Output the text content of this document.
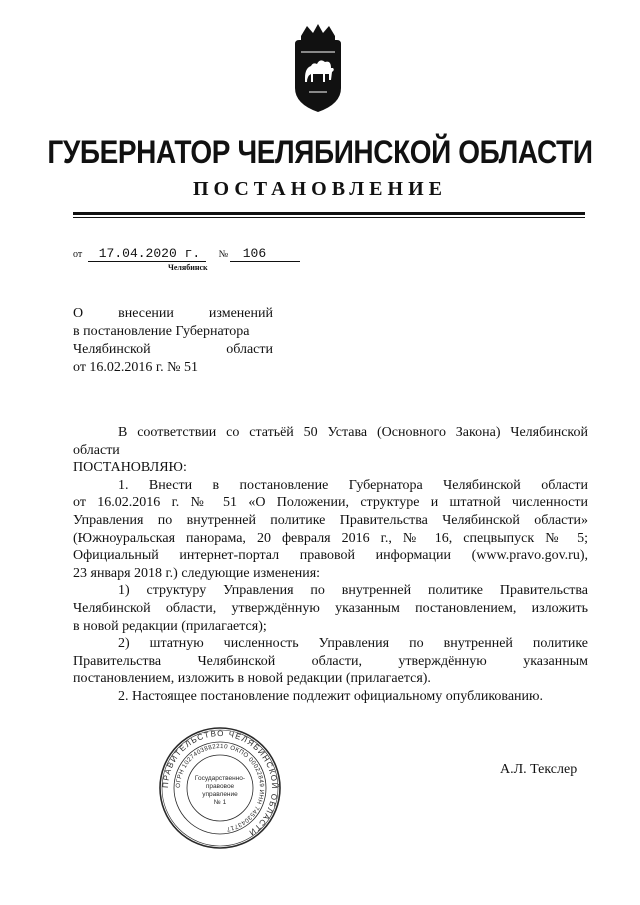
ГУБЕРНАТОР ЧЕЛЯБИНСКОЙ ОБЛАСТИ
ПОСТАНОВЛЕНИЕ
от 17.04.2020 г. № 106
Челябинск
О	внесении	изменений
в постановление Губернатора
Челябинской	области
от 16.02.2016 г. № 51

В соответствии со статьёй 50 Устава (Основного Закона) Челябинской

области

ПОСТАНОВЛЯЮ:

1. Внести в постановление Губернатора Челябинской области

от 16.02.2016 г. № 51 «О Положении, структуре и штатной численности

Управления по внутренней политике Правительства Челябинской области»

(Южноуральская панорама, 20 февраля 2016 г., № 16, спецвыпуск № 5;

Официальный интернет-портал правовой информации (www.pravo.gov.ru),

23 января 2018 г.) следующие изменения:

1) структуру Управления по внутренней политике Правительства

Челябинской области, утверждённую указанным постановлением, изложить

в новой редакции (прилагается);

2) штатную численность Управления по внутренней политике

Правительства Челябинской области, утверждённую указанным

постановлением, изложить в новой редакции (прилагается).

2. Настоящее постановление подлежит официальному опубликованию.

А.Л. Текслер
ПРАВИТЕЛЬСТВО ЧЕЛЯБИНСКОЙ ОБЛАСТИ
ОГРН 1027403882210 ОКПО 00022849 ИНН 7453043717
Государственно-
правовое
управление
№ 1
